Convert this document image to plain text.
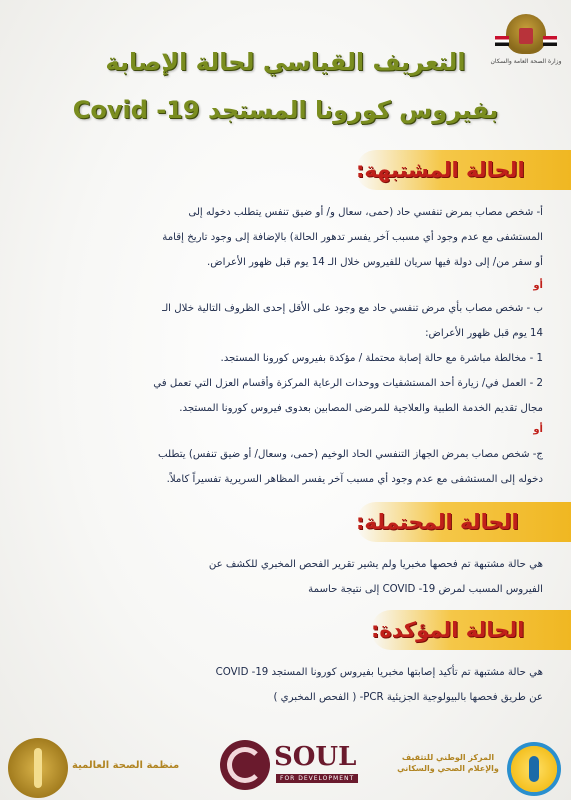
وزارة الصحة العامة والسكان
التعريف القياسي لحالة الإصابة
بفيروس كورونا المستجد Covid -19
الحالة المشتبهة:
أ- شخص مصاب بمرض تنفسي حاد (حمى، سعال و/ أو ضيق تنفس يتطلب دخوله إلى
المستشفى مع عدم وجود أي مسبب آخر يفسر تدهور الحالة) بالإضافة إلى وجود تاريخ إقامة
أو سفر من/ إلى دولة فيها سريان للفيروس خلال الـ 14 يوم قبل ظهور الأعراض.
أو
ب - شخص مصاب بأي مرض تنفسي حاد مع وجود على الأقل إحدى الظروف التالية خلال الـ
14 يوم قبل ظهور الأعراض:
1 - مخالطة مباشرة مع حالة إصابة محتملة / مؤكدة بفيروس كورونا المستجد.
2 - العمل في/ زيارة أحد المستشفيات ووحدات الرعاية المركزة وأقسام العزل التي تعمل في
مجال تقديم الخدمة الطبية والعلاجية للمرضى المصابين بعدوى فيروس كورونا المستجد.
أو
ج- شخص مصاب بمرض الجهاز التنفسي الحاد الوخيم (حمى، وسعال/ أو ضيق تنفس) يتطلب
دخوله إلى المستشفى مع عدم وجود أي مسبب آخر يفسر المظاهر السريرية تفسيراً كاملاً.
الحالة المحتملة:
هي حالة مشتبهة تم فحصها مخبريا ولم يشير تقرير الفحص المخبري للكشف عن
الفيروس المسبب لمرض COVID -19 إلى نتيجة حاسمة
الحالة المؤكدة:
هي حالة مشتبهة تم تأكيد إصابتها مخبريا بفيروس كورونا المستجد COVID -19
عن طريق فحصها بالبيولوجية الجزيئية PCR- ( الفحص المخبري )
منظمة الصحة العالمية	SOUL
FOR DEVELOPMENT
المركز الوطني للتثقيف والإعلام الصحي والسكاني
